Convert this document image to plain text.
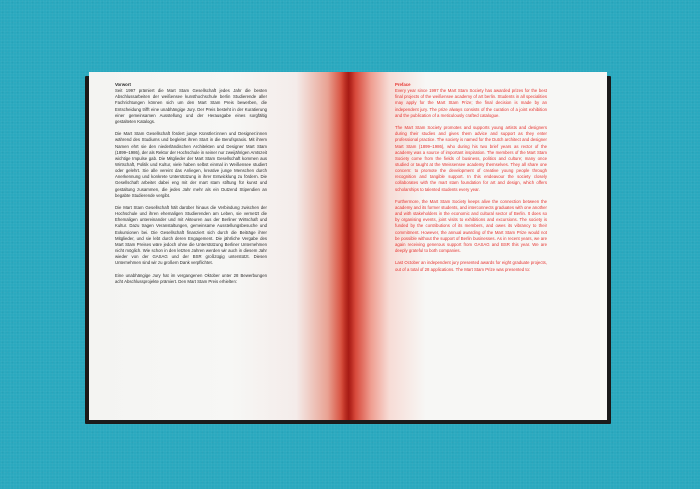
Vorwort

Seit 1997 prämiert die Mart Stam Gesellschaft jedes Jahr die besten Abschlussarbeiten der weißensee kunsthochschule berlin Studierende aller Fachrichtungen können sich um den Mart Stam Preis bewerben, die Entscheidung trifft eine unabhängige Jury. Der Preis besteht in der Kuratierung einer gemeinsamen Ausstellung und der Herausgabe eines sorgfältig gestalteten Katalogs.

Die Mart Stam Gesellschaft fördert junge Künstler:innen und Designer:innen während des Studiums und begleitet ihren Start in die Berufspraxis. Mit ihrem Namen ehrt sie den niederländischen Architekten und Designer Mart Stam (1899–1986), der als Rektor der Hochschule in seiner nur zweijährigen Amtszeit wichtige Impulse gab. Die Mitglieder der Mart Stam Gesellschaft kommen aus Wirtschaft, Politik und Kultur, viele haben selbst einmal in Weißensee studiert oder gelehrt. Sie alle vereint das Anliegen, kreative junge Menschen durch Anerkennung und konkrete Unterstützung in ihrer Entwicklung zu fördern. Die Gesellschaft arbeitet dabei eng mit der mart stam stiftung für kunst und gestaltung zusammen, die jedes Jahr mehr als ein Dutzend Stipendien an begabte Studierende vergibt.

Die Mart Stam Gesellschaft hält darüber hinaus die Verbindung zwischen der Hochschule und ihren ehemaligen Studierenden am Leben, sie vernetzt die Ehemaligen untereinander und mit Akteuren aus der Berliner Wirtschaft und Kultur. Dazu tragen Veranstaltungen, gemeinsame Ausstellungsbesuche und Exkursionen bei. Die Gesellschaft finanziert sich durch die Beiträge ihrer Mitglieder, und sie lebt durch deren Engagement. Die jährliche Vergabe des Mart Stam Preises wäre jedoch ohne die Unterstützung Berliner Unternehmen nicht möglich. Wie schon in den letzten Jahren werden wir auch in diesem Jahr wieder von der GASAG und der BSR großzügig unterstützt. Diesen Unternehmen sind wir zu großem Dank verpflichtet.

Eine unabhängige Jury hat im vergangenen Oktober unter 28 Bewerbungen acht Abschlussprojekte prämiert. Den Mart Stam Preis erhielten:

Preface

Every year since 1997 the Mart Stam Society has awarded prizes for the best final projects of the weißensee academy of art berlin. Students in all specialities may apply for the Mart Stam Prize; the final decision is made by an independent jury. The prize always consists of the curation of a joint exhibition and the publication of a meticulously crafted catalogue.

The Mart Stam Society promotes and supports young artists and designers during their studies and gives them advice and support as they enter professional practice. The society is named for the Dutch architect and designer Mart Stam (1899–1986), who during his two brief years as rector of the academy was a source of important inspiration. The members of the Mart Stam Society come from the fields of business, politics and culture; many once studied or taught at the Weissensee academy themselves. They all share one concern: to promote the development of creative young people through recognition and tangible support. In this endeavour the society closely collaborates with the mart stam foundation for art and design, which offers scholarships to talented students every year.

Furthermore, the Mart Stam Society keeps alive the connection between the academy and its former students, and interconnects graduates with one another and with stakeholders in the economic and cultural sector of Berlin. It does so by organising events, joint visits to exhibitions and excursions. The society is funded by the contributions of its members, and owes its vibrancy to their commitment. However, the annual awarding of the Mart Stam Prize would not be possible without the support of Berlin businesses. As in recent years, we are again receiving generous support from GASAG and BSR this year. We are deeply grateful to both companies.

Last October an independent jury presented awards for eight graduate projects, out of a total of 28 applications. The Mart Stam Prize was presented to:
